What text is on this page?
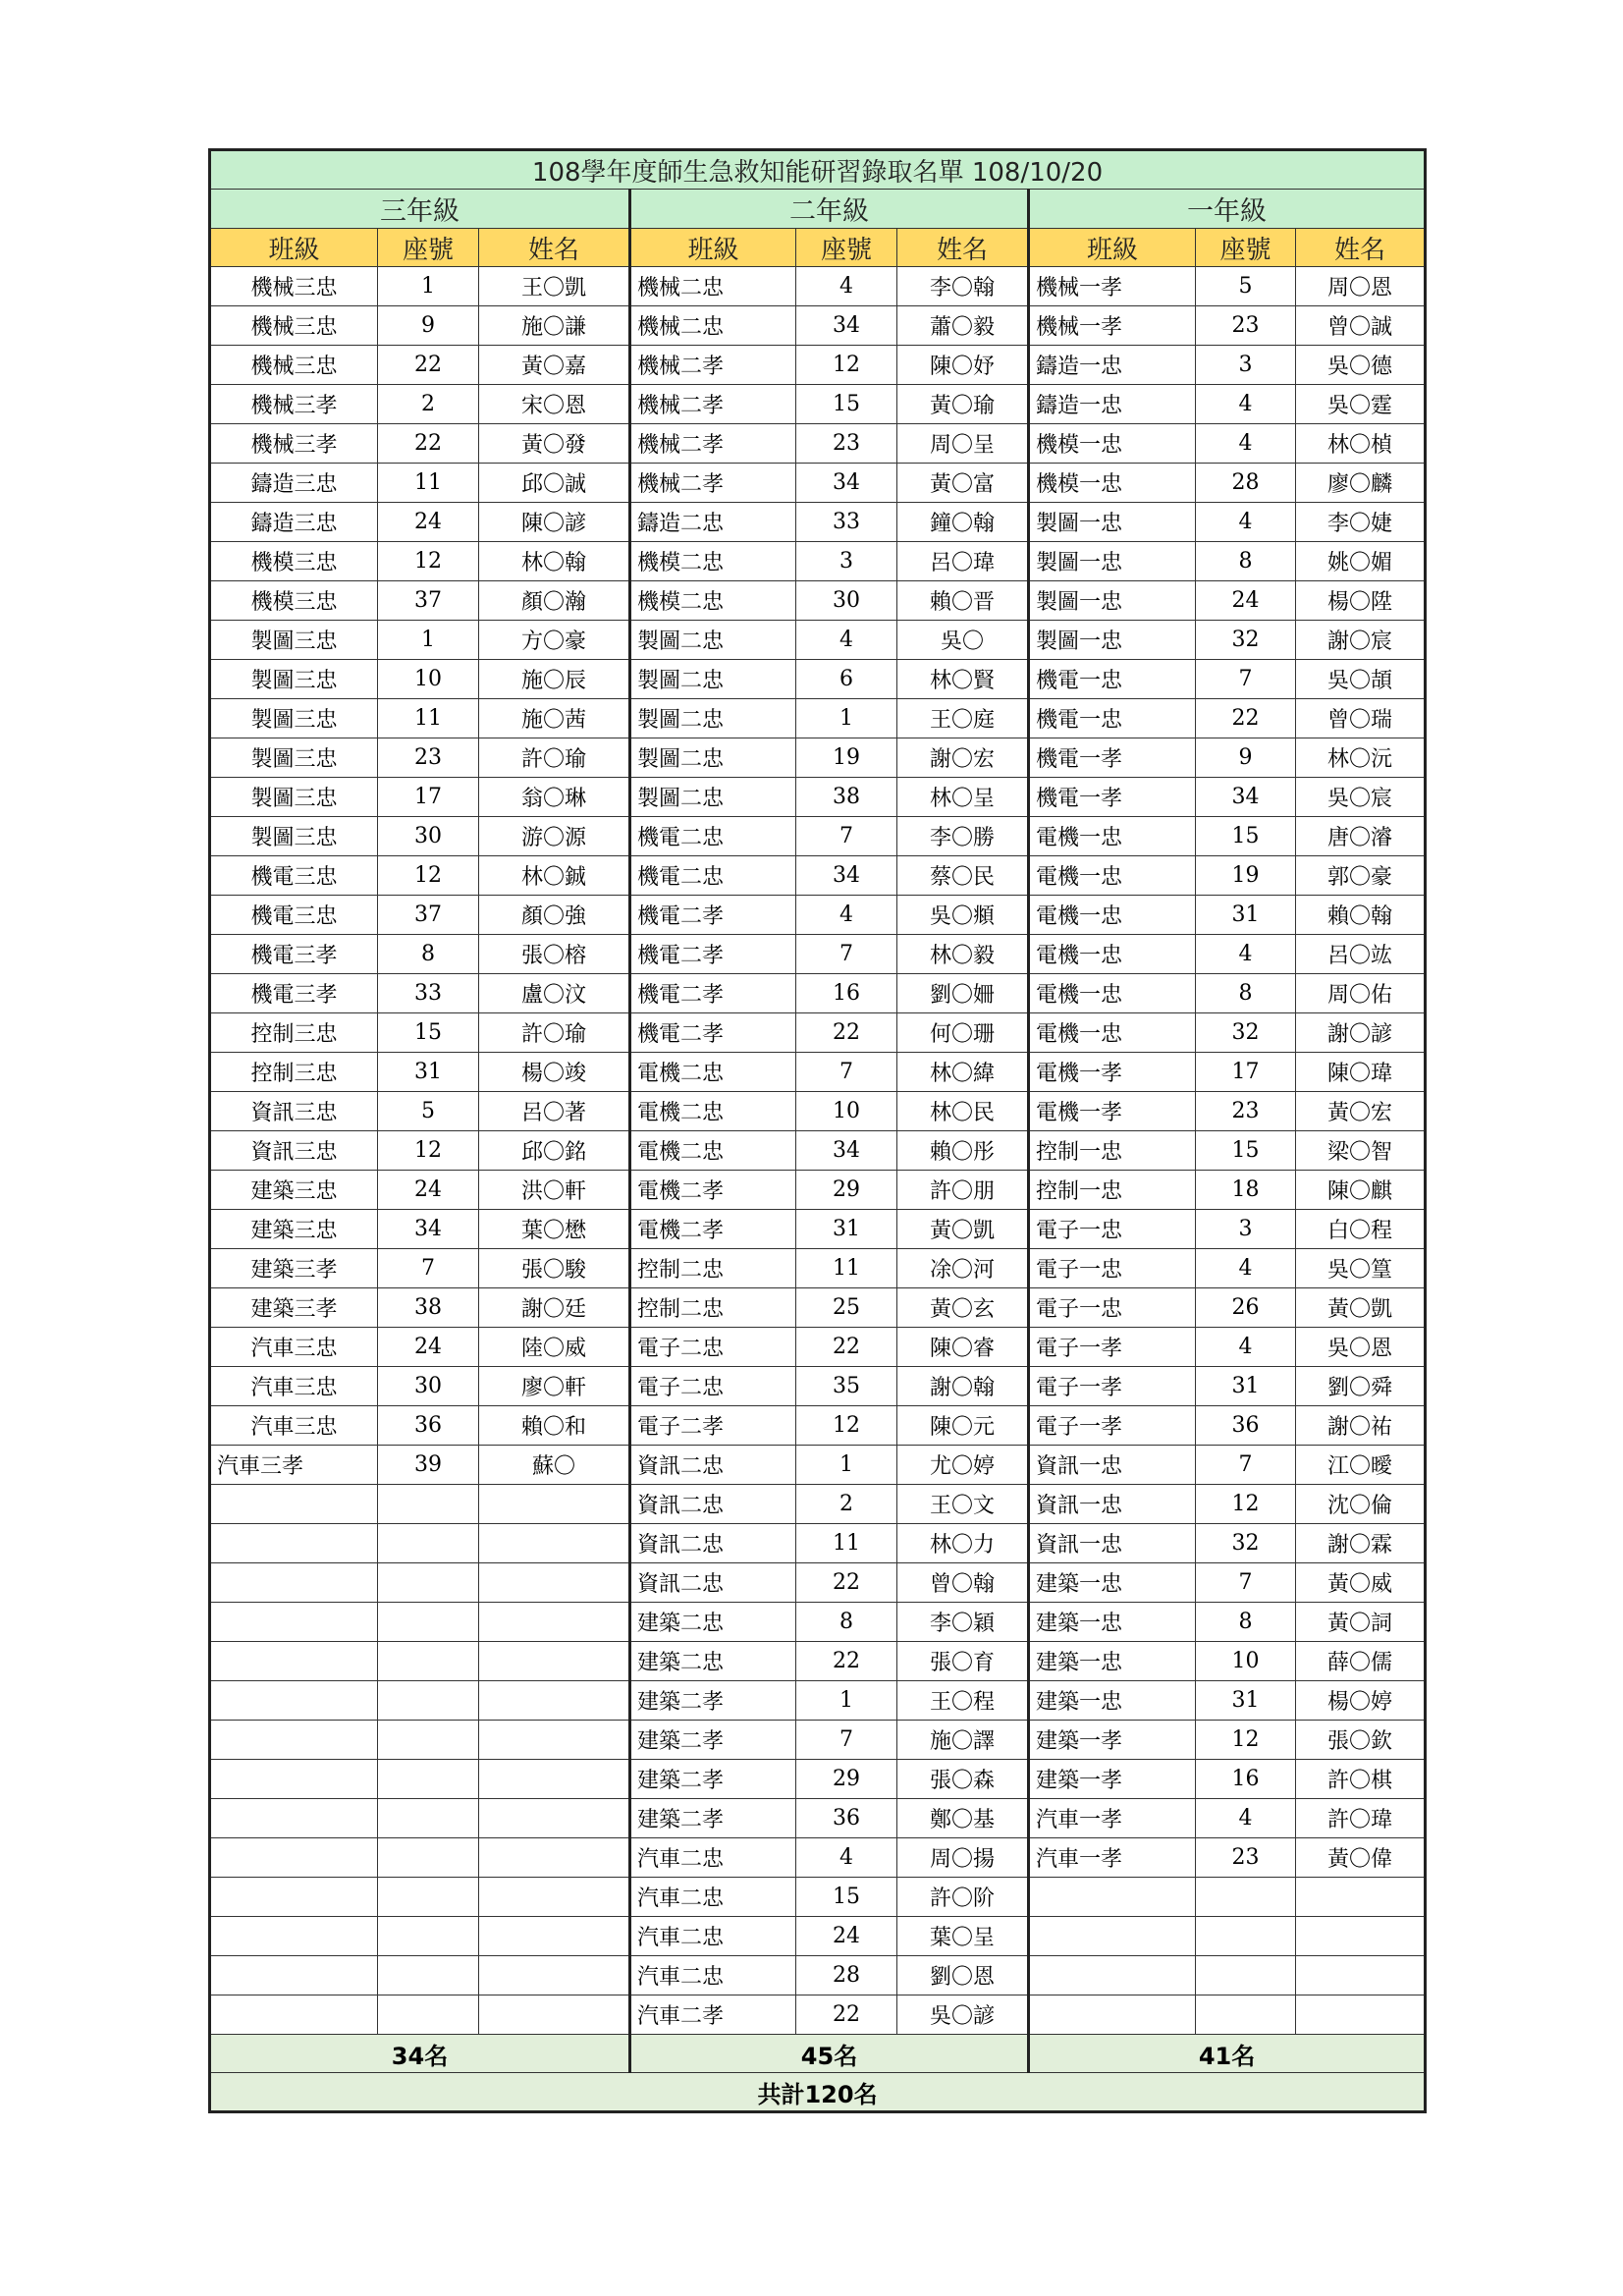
108學年度師生急救知能研習錄取名單 108/10/20								
三年級			二年級			一年級		
班級	座號	姓名	班級	座號	姓名	班級	座號	姓名
機械三忠	1	王〇凱	機械二忠	4	李〇翰	機械一孝	5	周〇恩
機械三忠	9	施〇謙	機械二忠	34	蕭〇毅	機械一孝	23	曾〇誠
機械三忠	22	黃〇嘉	機械二孝	12	陳〇妤	鑄造一忠	3	吳〇德
機械三孝	2	宋〇恩	機械二孝	15	黃〇瑜	鑄造一忠	4	吳〇霆
機械三孝	22	黃〇發	機械二孝	23	周〇呈	機模一忠	4	林〇楨
鑄造三忠	11	邱〇誠	機械二孝	34	黃〇富	機模一忠	28	廖〇麟
鑄造三忠	24	陳〇諺	鑄造二忠	33	鐘〇翰	製圖一忠	4	李〇婕
機模三忠	12	林〇翰	機模二忠	3	呂〇瑋	製圖一忠	8	姚〇媚
機模三忠	37	顏〇瀚	機模二忠	30	賴〇晋	製圖一忠	24	楊〇陞
製圖三忠	1	方〇豪	製圖二忠	4	吳〇	製圖一忠	32	謝〇宸
製圖三忠	10	施〇辰	製圖二忠	6	林〇賢	機電一忠	7	吳〇頡
製圖三忠	11	施〇茜	製圖二忠	1	王〇庭	機電一忠	22	曾〇瑞
製圖三忠	23	許〇瑜	製圖二忠	19	謝〇宏	機電一孝	9	林〇沅
製圖三忠	17	翁〇琳	製圖二忠	38	林〇呈	機電一孝	34	吳〇宸
製圖三忠	30	游〇源	機電二忠	7	李〇勝	電機一忠	15	唐〇濬
機電三忠	12	林〇鋮	機電二忠	34	蔡〇民	電機一忠	19	郭〇豪
機電三忠	37	顏〇強	機電二孝	4	吳〇頫	電機一忠	31	賴〇翰
機電三孝	8	張〇榕	機電二孝	7	林〇毅	電機一忠	4	呂〇竑
機電三孝	33	盧〇汶	機電二孝	16	劉〇姍	電機一忠	8	周〇佑
控制三忠	15	許〇瑜	機電二孝	22	何〇珊	電機一忠	32	謝〇諺
控制三忠	31	楊〇竣	電機二忠	7	林〇緯	電機一孝	17	陳〇瑋
資訊三忠	5	呂〇著	電機二忠	10	林〇民	電機一孝	23	黃〇宏
資訊三忠	12	邱〇銘	電機二忠	34	賴〇彤	控制一忠	15	梁〇智
建築三忠	24	洪〇軒	電機二孝	29	許〇朋	控制一忠	18	陳〇麒
建築三忠	34	葉〇懋	電機二孝	31	黃〇凱	電子一忠	3	白〇程
建築三孝	7	張〇駿	控制二忠	11	凃〇河	電子一忠	4	吳〇篁
建築三孝	38	謝〇廷	控制二忠	25	黃〇玄	電子一忠	26	黃〇凱
汽車三忠	24	陸〇威	電子二忠	22	陳〇睿	電子一孝	4	吳〇恩
汽車三忠	30	廖〇軒	電子二忠	35	謝〇翰	電子一孝	31	劉〇舜
汽車三忠	36	賴〇和	電子二孝	12	陳〇元	電子一孝	36	謝〇祐
汽車三孝	39	蘇〇	資訊二忠	1	尤〇婷	資訊一忠	7	江〇曖
			資訊二忠	2	王〇文	資訊一忠	12	沈〇倫
			資訊二忠	11	林〇力	資訊一忠	32	謝〇霖
			資訊二忠	22	曾〇翰	建築一忠	7	黃〇威
			建築二忠	8	李〇穎	建築一忠	8	黃〇詞
			建築二忠	22	張〇育	建築一忠	10	薛〇儒
			建築二孝	1	王〇程	建築一忠	31	楊〇婷
			建築二孝	7	施〇譯	建築一孝	12	張〇欽
			建築二孝	29	張〇森	建築一孝	16	許〇棋
			建築二孝	36	鄭〇基	汽車一孝	4	許〇瑋
			汽車二忠	4	周〇揚	汽車一孝	23	黃〇偉
			汽車二忠	15	許〇阶			
			汽車二忠	24	葉〇呈			
			汽車二忠	28	劉〇恩			
			汽車二孝	22	吳〇諺			
34名			45名			41名		
共計120名								
